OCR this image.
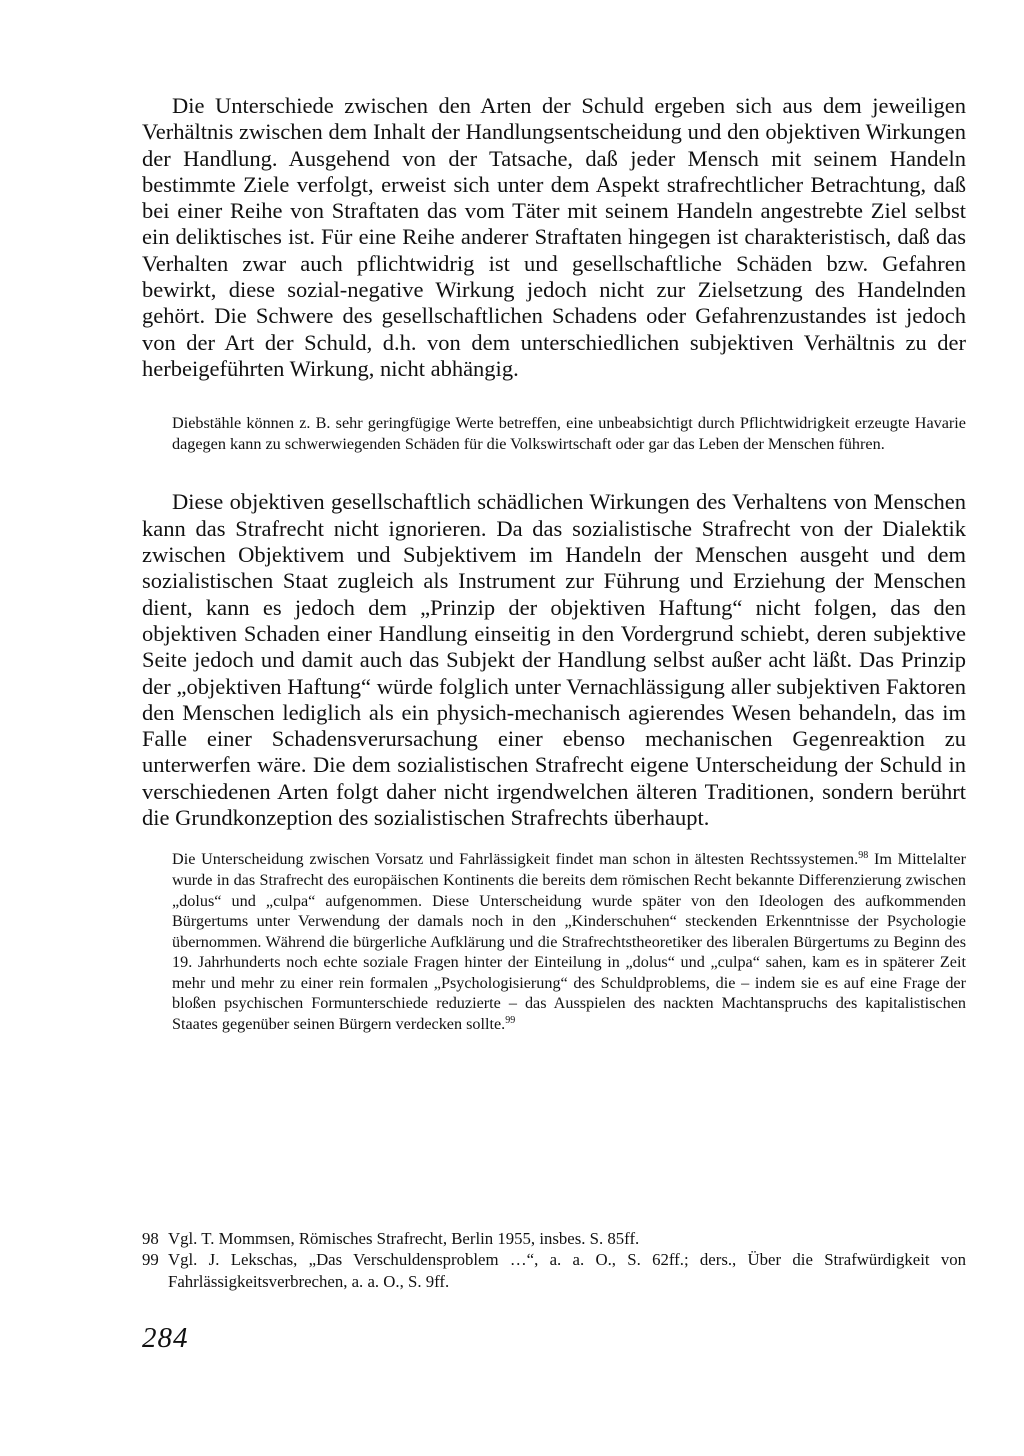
Die Unterschiede zwischen den Arten der Schuld ergeben sich aus dem jeweiligen Verhältnis zwischen dem Inhalt der Handlungsentscheidung und den objektiven Wirkungen der Handlung. Ausgehend von der Tatsache, daß jeder Mensch mit seinem Handeln bestimmte Ziele verfolgt, erweist sich unter dem Aspekt strafrechtlicher Betrachtung, daß bei einer Reihe von Straftaten das vom Täter mit seinem Handeln angestrebte Ziel selbst ein deliktisches ist. Für eine Reihe anderer Straftaten hingegen ist charakteristisch, daß das Verhalten zwar auch pflichtwidrig ist und gesellschaftliche Schäden bzw. Gefahren bewirkt, diese sozial-negative Wirkung jedoch nicht zur Zielsetzung des Handelnden gehört. Die Schwere des gesellschaftlichen Schadens oder Gefahrenzustandes ist jedoch von der Art der Schuld, d.h. von dem unterschiedlichen subjektiven Verhältnis zu der herbeigeführten Wirkung, nicht abhängig.

Diebstähle können z. B. sehr geringfügige Werte betreffen, eine unbeabsichtigt durch Pflichtwidrigkeit erzeugte Havarie dagegen kann zu schwerwiegenden Schäden für die Volkswirtschaft oder gar das Leben der Menschen führen.

Diese objektiven gesellschaftlich schädlichen Wirkungen des Verhaltens von Menschen kann das Strafrecht nicht ignorieren. Da das sozialistische Strafrecht von der Dialektik zwischen Objektivem und Subjektivem im Handeln der Menschen ausgeht und dem sozialistischen Staat zugleich als Instrument zur Führung und Erziehung der Menschen dient, kann es jedoch dem „Prinzip der objektiven Haftung“ nicht folgen, das den objektiven Schaden einer Handlung einseitig in den Vordergrund schiebt, deren subjektive Seite jedoch und damit auch das Subjekt der Handlung selbst außer acht läßt. Das Prinzip der „objektiven Haftung“ würde folglich unter Vernachlässigung aller subjektiven Faktoren den Menschen lediglich als ein physich-mechanisch agierendes Wesen behandeln, das im Falle einer Schadensverursachung einer ebenso mechanischen Gegenreaktion zu unterwerfen wäre. Die dem sozialistischen Strafrecht eigene Unterscheidung der Schuld in verschiedenen Arten folgt daher nicht irgendwelchen älteren Traditionen, sondern berührt die Grundkonzeption des sozialistischen Strafrechts überhaupt.

Die Unterscheidung zwischen Vorsatz und Fahrlässigkeit findet man schon in ältesten Rechtssystemen.$^{98}$ Im Mittelalter wurde in das Strafrecht des europäischen Kontinents die bereits dem römischen Recht bekannte Differenzierung zwischen „dolus“ und „culpa“ aufgenommen. Diese Unterscheidung wurde später von den Ideologen des aufkommenden Bürgertums unter Verwendung der damals noch in den „Kinderschuhen“ steckenden Erkenntnisse der Psychologie übernommen. Während die bürgerliche Aufklärung und die Strafrechtstheoretiker des liberalen Bürgertums zu Beginn des 19. Jahrhunderts noch echte soziale Fragen hinter der Einteilung in „dolus“ und „culpa“ sahen, kam es in späterer Zeit mehr und mehr zu einer rein formalen „Psychologisierung“ des Schuldproblems, die – indem sie es auf eine Frage der bloßen psychischen Formunterschiede reduzierte – das Ausspielen des nackten Machtanspruchs des kapitalistischen Staates gegenüber seinen Bürgern verdecken sollte.$^{99}$

98 Vgl. T. Mommsen, Römisches Strafrecht, Berlin 1955, insbes. S. 85ff.

99 Vgl. J. Lekschas, „Das Verschuldensproblem …“, a. a. O., S. 62ff.; ders., Über die Strafwürdigkeit von Fahrlässigkeitsverbrechen, a. a. O., S. 9ff.

284
